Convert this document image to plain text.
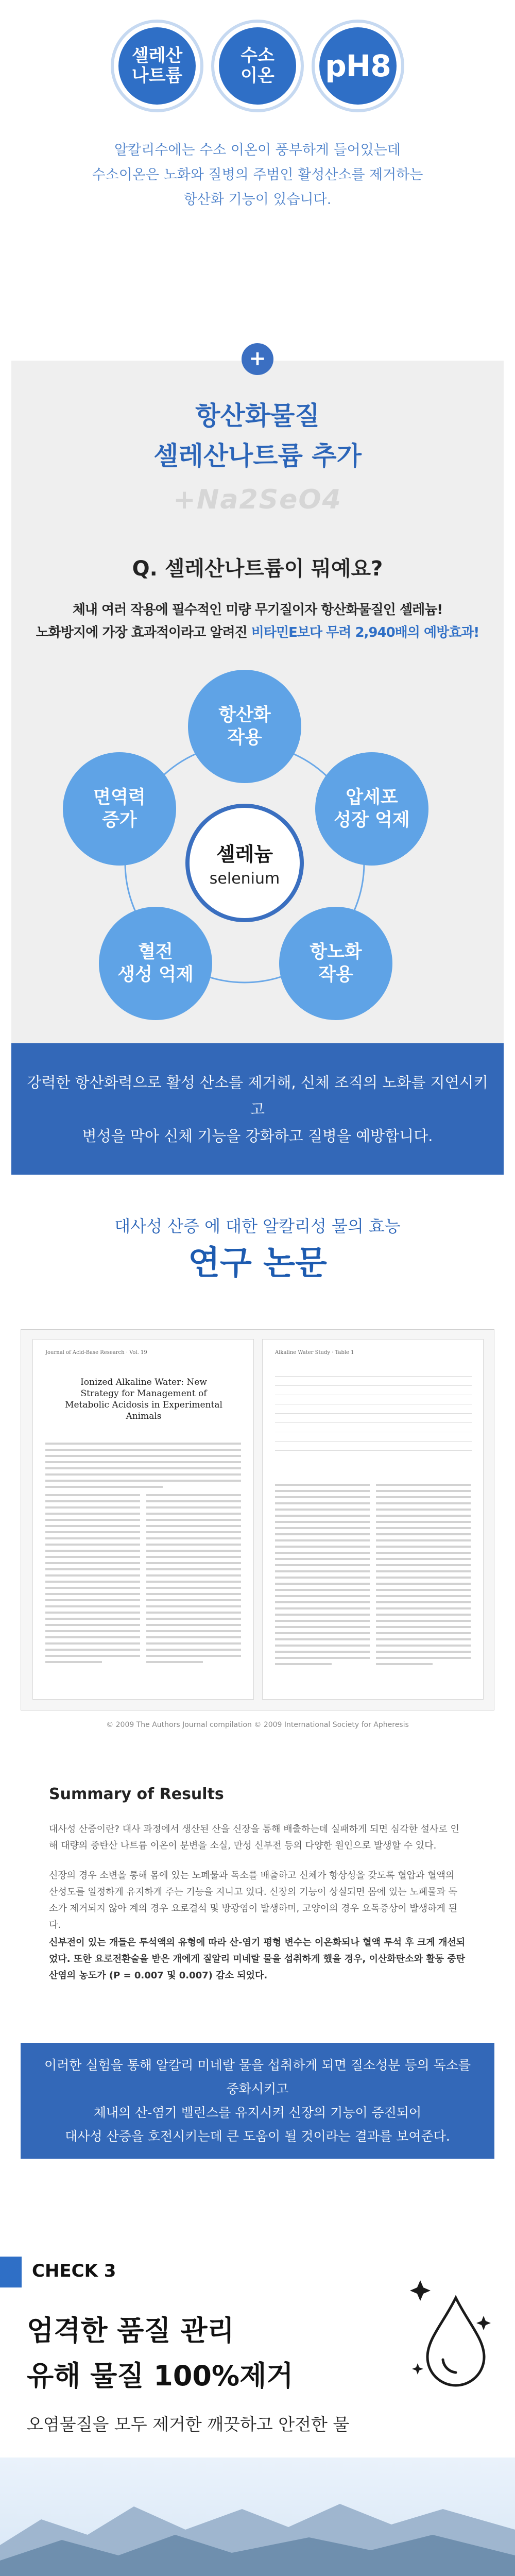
셀레산
나트륨
수소
이온	pH8
알칼리수에는 수소 이온이 풍부하게 들어있는데
수소이온은 노화와 질병의 주범인 활성산소를 제거하는
항산화 기능이 있습니다.
+
항산화물질
셀레산나트륨 추가
+Na2SeO4
Q. 셀레산나트륨이 뭐예요?
체내 여러 작용에 필수적인 미량 무기질이자 항산화물질인 셀레늄!
노화방지에 가장 효과적이라고 알려진 비타민E보다 무려 2,940배의 예방효과!
항산화
작용
압세포
성장 억제
항노화
작용
혈전
생성 억제
면역력
증가
셀레늄
selenium
강력한 항산화력으로 활성 산소를 제거해, 신체 조직의 노화를 지연시키고
변성을 막아 신체 기능을 강화하고 질병을 예방합니다.
대사성 산증 에 대한 알칼리성 물의 효능
연구 논문
Journal of Acid-Base Research · Vol. 19
Ionized Alkaline Water: New Strategy for Management of Metabolic Acidosis in Experimental Animals
Alkaline Water Study · Table 1
© 2009 The Authors Journal compilation © 2009 International Society for Apheresis
Summary of Results
대사성 산증이란? 대사 과정에서 생산된 산을 신장을 통해 배출하는데 실패하게 되면 심각한 설사로 인해 대량의 중탄산 나트륨 이온이 분변을 소실, 만성 신부전 등의 다양한 원인으로 발생할 수 있다.
신장의 경우 소변을 통해 몸에 있는 노폐물과 독소를 배출하고 신체가 항상성을 갖도록 혈압과 혈액의 산성도를 일정하게 유지하게 주는 기능을 지니고 있다. 신장의 기능이 상실되면 몸에 있는 노폐물과 독소가 제거되지 않아 계의 경우 요로결석 및 방광염이 발생하며, 고양이의 경우 요독증상이 발생하게 된다.
신부전이 있는 개들은 투석액의 유형에 따라 산-염기 평형 변수는 이온화되나 혈액 투석 후 크게 개선되었다. 또한 요로전환술을 받은 개에게 질알리 미네랄 물을 섭취하게 했을 경우, 이산화탄소와 활동 중탄 산염의 농도가 (P = 0.007 및 0.007) 감소 되었다.
이러한 실험을 통해 알칼리 미네랄 물을 섭취하게 되면 질소성분 등의 독소를 중화시키고
체내의 산-염기 밸런스를 유지시켜 신장의 기능이 증진되어
대사성 산증을 호전시키는데 큰 도움이 될 것이라는 결과를 보여준다.
CHECK 3
엄격한 품질 관리
유해 물질 100%제거
오염물질을 모두 제거한 깨끗하고 안전한 물
